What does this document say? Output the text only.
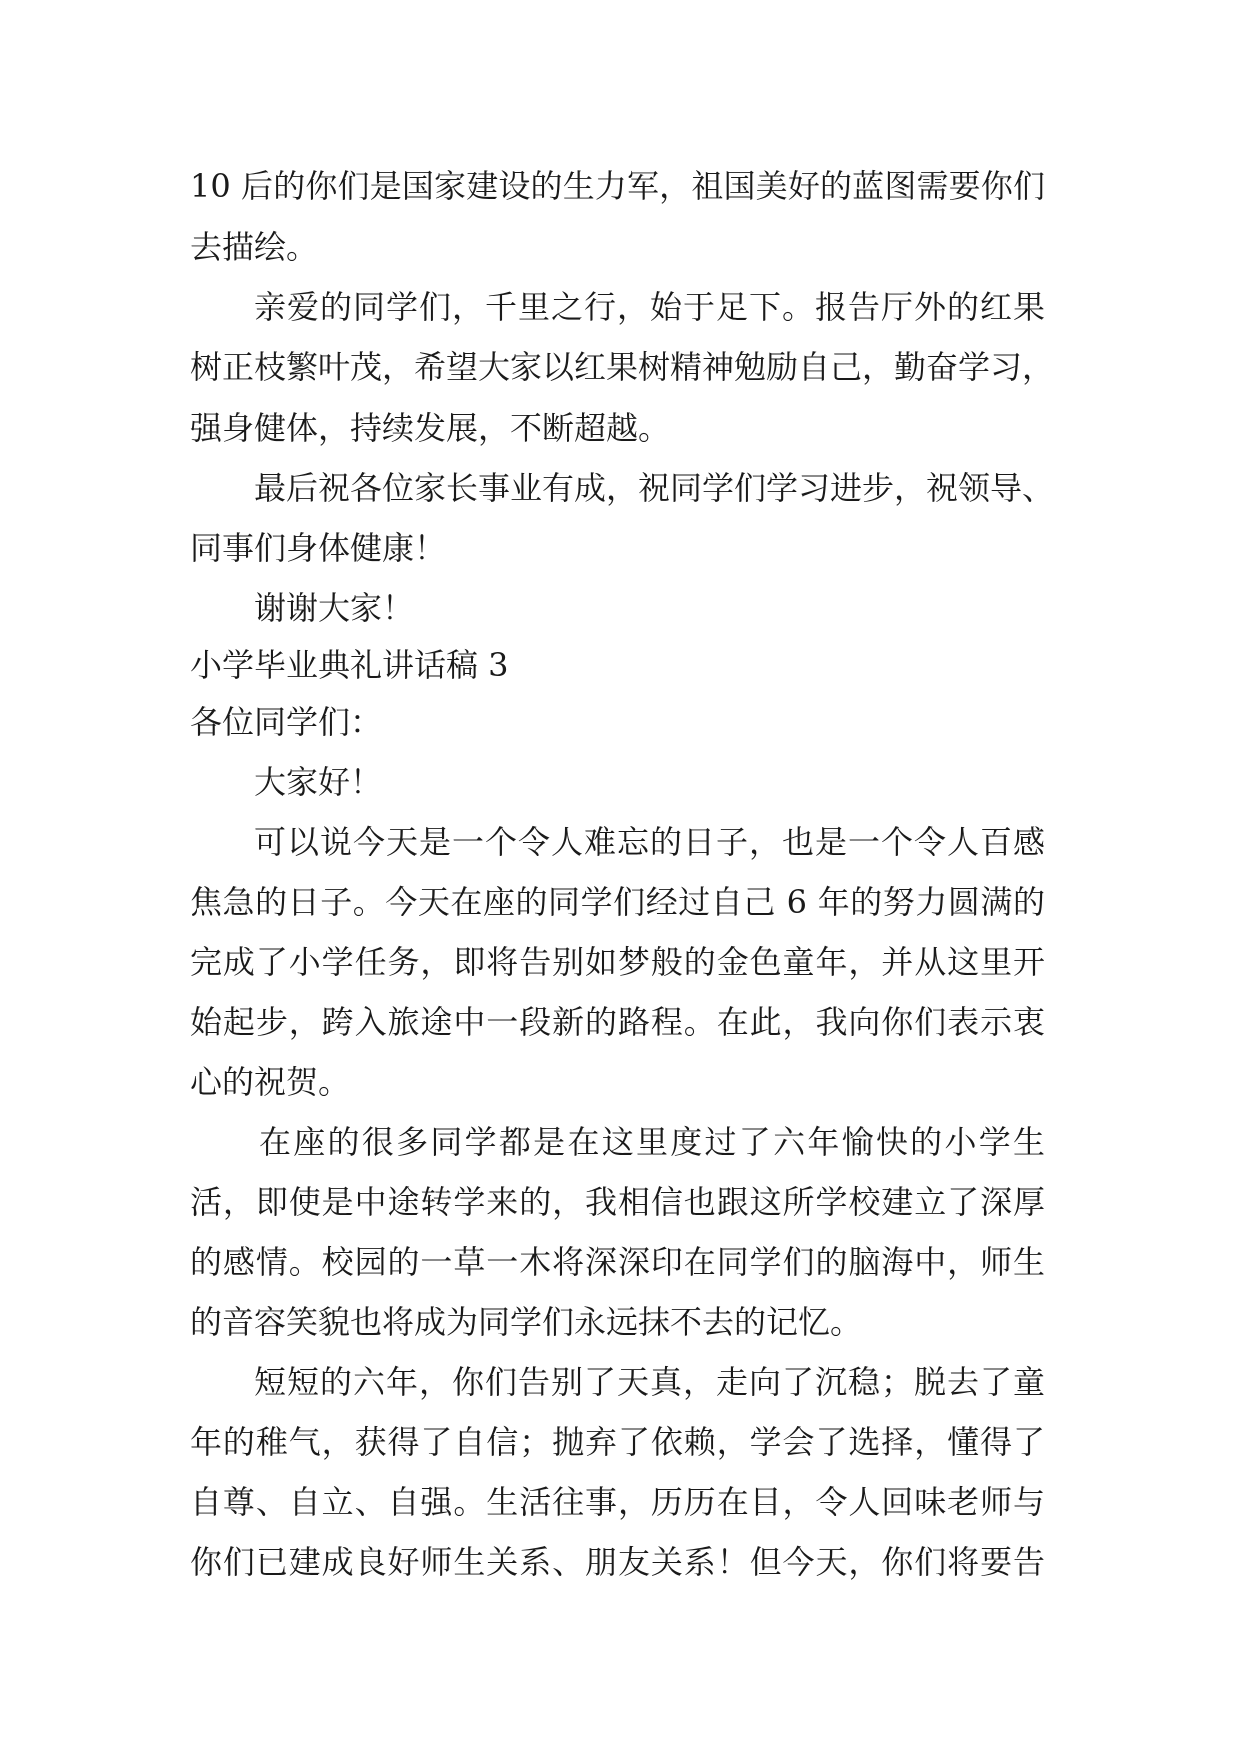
10 后的你们是国家建设的生力军，祖国美好的蓝图需要你们
去描绘。
亲爱的同学们，千里之行，始于足下。报告厅外的红果
树正枝繁叶茂，希望大家以红果树精神勉励自己，勤奋学习，
强身健体，持续发展，不断超越。
最后祝各位家长事业有成，祝同学们学习进步，祝领导、
同事们身体健康！
谢谢大家！
小学毕业典礼讲话稿 3
各位同学们：
大家好！
可以说今天是一个令人难忘的日子，也是一个令人百感
焦急的日子。今天在座的同学们经过自己 6 年的努力圆满的
完成了小学任务，即将告别如梦般的金色童年，并从这里开
始起步，跨入旅途中一段新的路程。在此，我向你们表示衷
心的祝贺。
在座的很多同学都是在这里度过了六年愉快的小学生
活，即使是中途转学来的，我相信也跟这所学校建立了深厚
的感情。校园的一草一木将深深印在同学们的脑海中，师生
的音容笑貌也将成为同学们永远抹不去的记忆。
短短的六年，你们告别了天真，走向了沉稳；脱去了童
年的稚气，获得了自信；抛弃了依赖，学会了选择，懂得了
自尊、自立、自强。生活往事，历历在目，令人回味老师与
你们已建成良好师生关系、朋友关系！但今天，你们将要告
